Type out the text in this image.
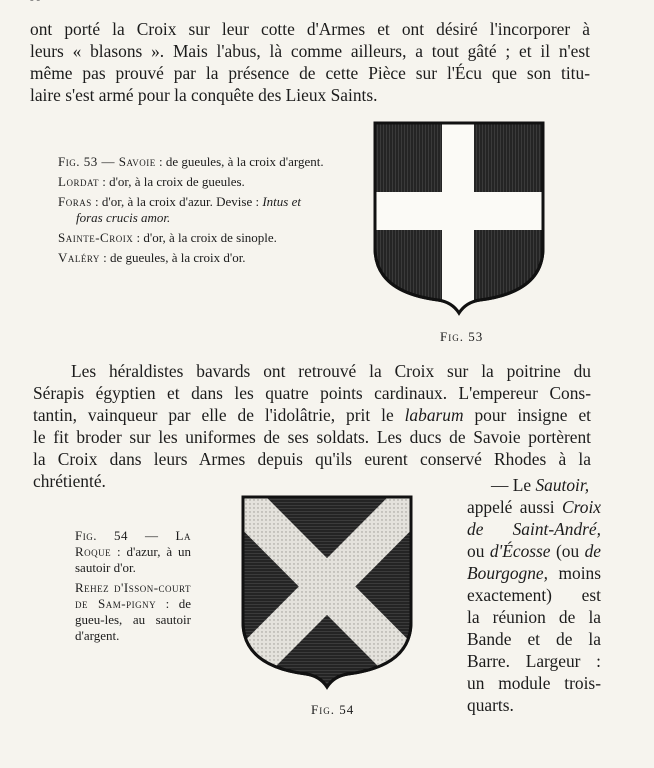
- -

ont porté la Croix sur leur cotte d'Armes et ont désiré l'incorporer à

leurs « blasons ». Mais l'abus, là comme ailleurs, a tout gâté ; et il n'est

même pas prouvé par la présence de cette Pièce sur l'Écu que son titu-

laire s'est armé pour la conquête des Lieux Saints.

Fig. 53 — Savoie : de gueules, à la croix d'argent.

Lordat : d'or, à la croix de gueules.

Foras : d'or, à la croix d'azur. Devise : Intus et foras crucis amor.

Sainte-Croix : d'or, à la croix de sinople.

Valéry : de gueules, à la croix d'or.

Fig. 53

Les héraldistes bavards ont retrouvé la Croix sur la poitrine du

Sérapis égyptien et dans les quatre points cardinaux. L'empereur Cons-

tantin, vainqueur par elle de l'idolâtrie, prit le labarum pour insigne et

le fit broder sur les uniformes de ses soldats. Les ducs de Savoie portèrent

la Croix dans leurs Armes depuis qu'ils eurent conservé Rhodes à la

chrétienté.

Fig. 54 — La Roque : d'azur, à un sautoir d'or.

Rehez d'Isson-court de Sam-pigny : de gueu-les, au sautoir d'argent.

Fig. 54

— Le Sautoir,

appelé aussi Croix

de Saint-André,

ou d'Écosse (ou de

Bourgogne, moins

exactement) est

la réunion de la

Bande et de la

Barre. Largeur :

un module trois-

quarts.
